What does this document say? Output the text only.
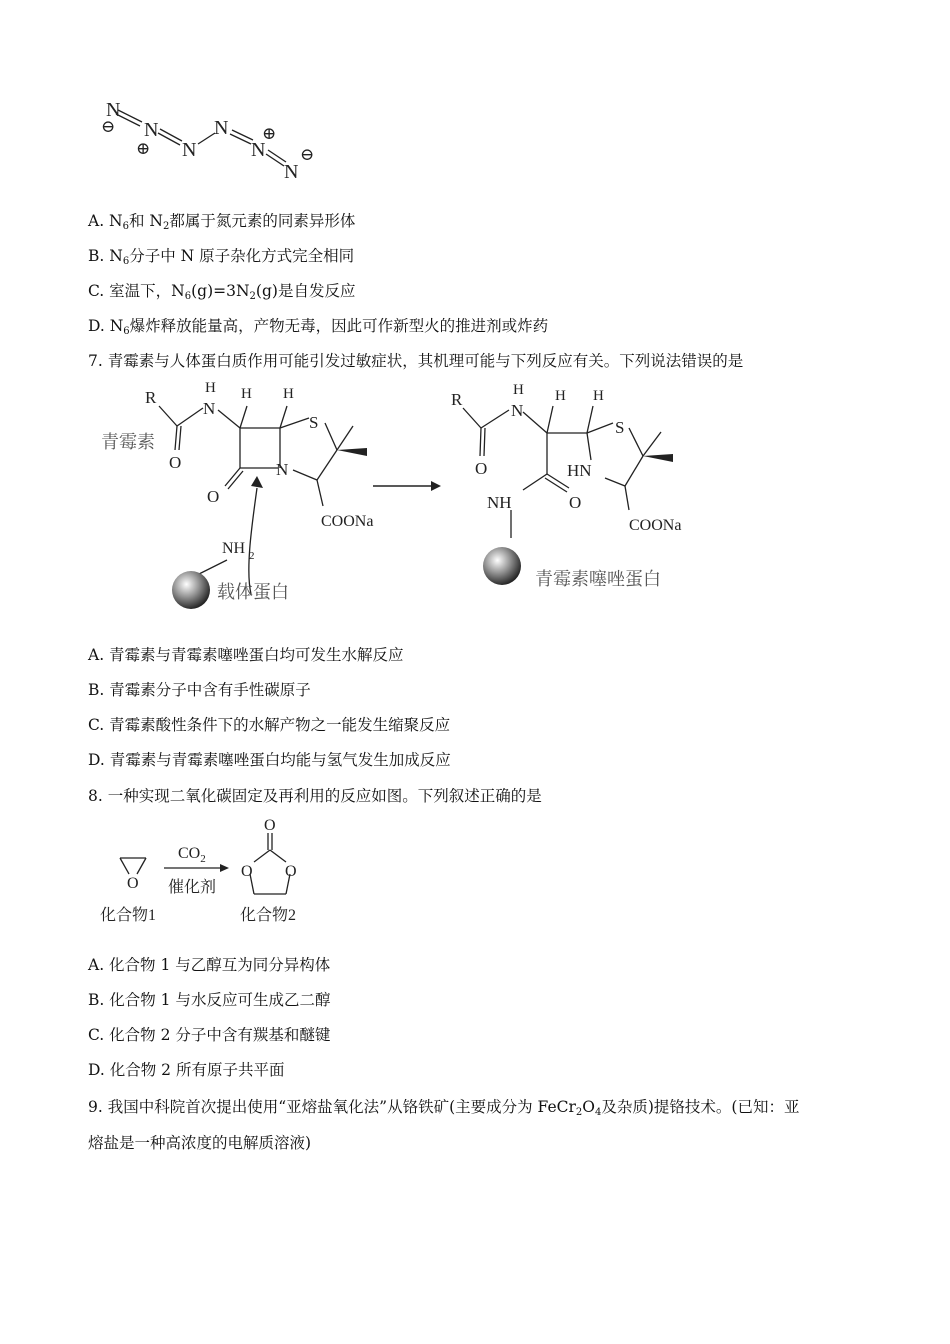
N
N
N
N
N
N
⊖
⊕
⊕
⊖
A. $N_6$和 $N_2$都属于氮元素的同素异形体
B. $N_6$分子中 N 原子杂化方式完全相同
C. 室温下，$N_6(g)=3N_2(g)$是自发反应
D. $N_6$爆炸释放能量高，产物无毒，因此可作新型火的推进剂或炸药
7. 青霉素与人体蛋白质作用可能引发过敏症状，其机理可能与下列反应有关。下列说法错误的是
R
N
H H H
S
O	N
O
COONa
青霉素
NH 2
载体蛋白
R
N
H H H
S
HN
O
O
NH
COONa
青霉素噻唑蛋白
A. 青霉素与青霉素噻唑蛋白均可发生水解反应
B. 青霉素分子中含有手性碳原子
C. 青霉素酸性条件下的水解产物之一能发生缩聚反应
D. 青霉素与青霉素噻唑蛋白均能与氢气发生加成反应
8. 一种实现二氧化碳固定及再利用的反应如图。下列叙述正确的是
O
$CO_2$
催化剂
O
O O
化合物1	化合物2
A. 化合物 1 与乙醇互为同分异构体
B. 化合物 1 与水反应可生成乙二醇
C. 化合物 2 分子中含有羰基和醚键
D. 化合物 2 所有原子共平面
9. 我国中科院首次提出使用“亚熔盐氧化法”从铬铁矿(主要成分为 $FeCr_2O_4$及杂质)提铬技术。(已知：亚
熔盐是一种高浓度的电解质溶液)
